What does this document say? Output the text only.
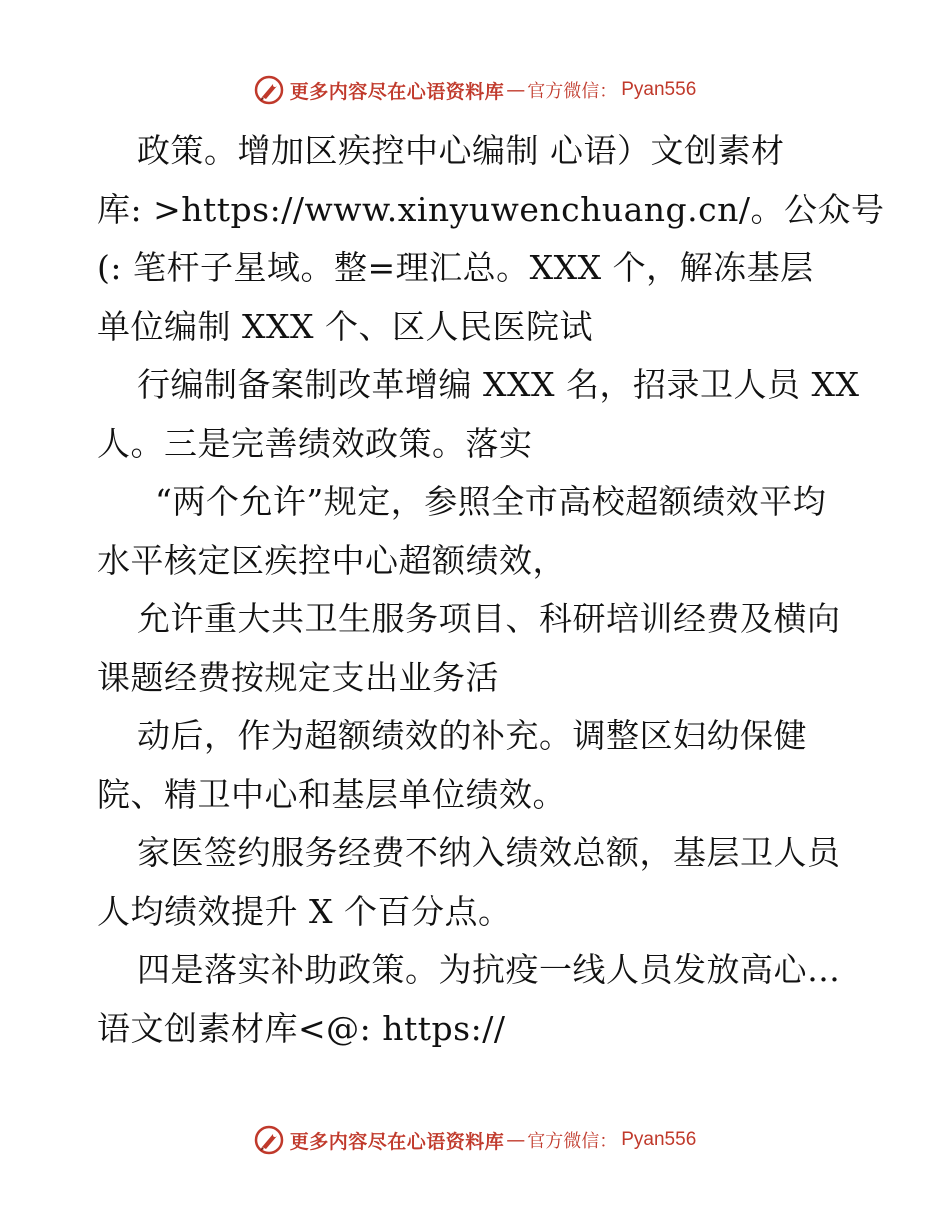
更多内容尽在心语资料库 — 官方微信： Pyan556
政策。增加区疾控中心编制 心语）文创素材
库: >https://www.xinyuwenchuang.cn/。公众号
(: 笔杆子星域。整=理汇总。XXX 个，解冻基层
单位编制 XXX 个、区人民医院试
行编制备案制改革增编 XXX 名，招录卫人员 XX
人。三是完善绩效政策。落实
“两个允许”规定，参照全市高校超额绩效平均
水平核定区疾控中心超额绩效，
允许重大共卫生服务项目、科研培训经费及横向
课题经费按规定支出业务活
动后，作为超额绩效的补充。调整区妇幼保健
院、精卫中心和基层单位绩效。
家医签约服务经费不纳入绩效总额，基层卫人员
人均绩效提升 X 个百分点。
四是落实补助政策。为抗疫一线人员发放高心…
语文创素材库<@: https://
更多内容尽在心语资料库 — 官方微信： Pyan556
